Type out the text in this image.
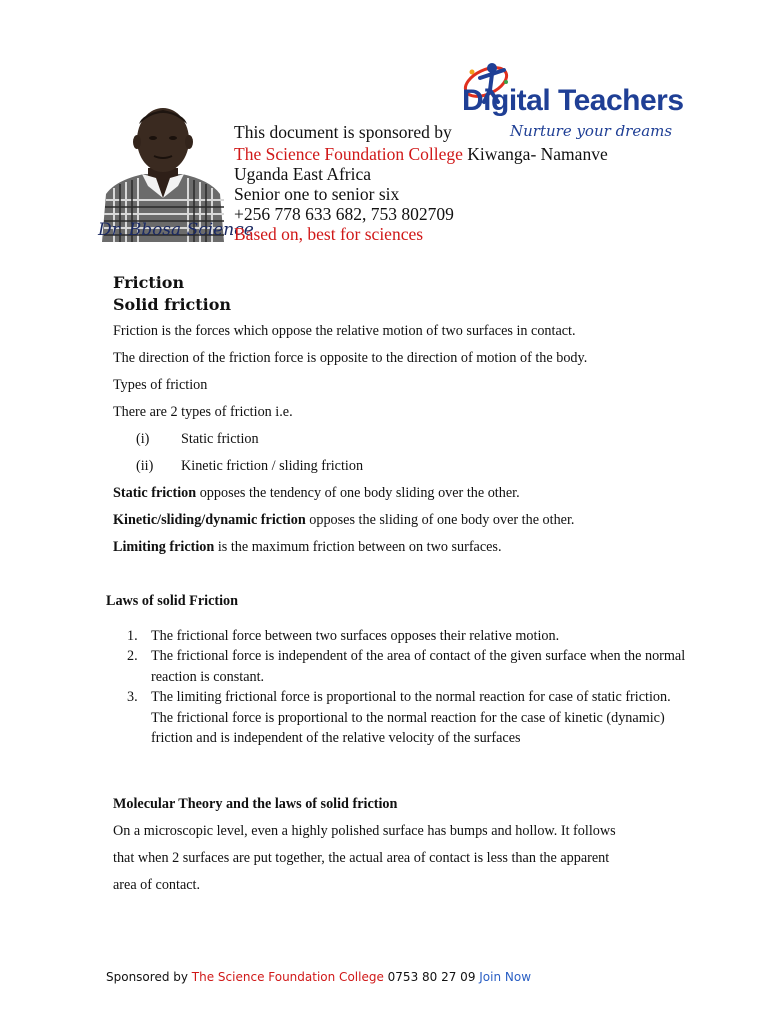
Dr. Bbosa Science
Digital Teachers
Nurture your dreams
This document is sponsored by
The Science Foundation College Kiwanga- Namanve
Uganda East Africa
Senior one to senior six
+256 778 633 682, 753 802709
Based on, best for sciences
Friction
Solid friction
Friction is the forces which oppose the relative motion of two surfaces in contact.
The direction of the friction force is opposite to the direction of motion of the body.
Types of friction
There are 2 types of friction i.e.
(i) Static friction
(ii) Kinetic friction / sliding friction
Static friction opposes the tendency of one body sliding over the other.
Kinetic/sliding/dynamic friction opposes the sliding of one body over the other.
Limiting friction is the maximum friction between on two surfaces.
Laws of solid Friction
1. The frictional force between two surfaces opposes their relative motion.
2. The frictional force is independent of the area of contact of the given surface when the normal reaction is constant.
3. The limiting frictional force is proportional to the normal reaction for case of static friction. The frictional force is proportional to the normal reaction for the case of kinetic (dynamic) friction and is independent of the relative velocity of the surfaces
Molecular Theory and the laws of solid friction
On a microscopic level, even a highly polished surface has bumps and hollow. It follows
that when 2 surfaces are put together, the actual area of contact is less than the apparent
area of contact.
Sponsored by The Science Foundation College 0753 80 27 09 Join Now
